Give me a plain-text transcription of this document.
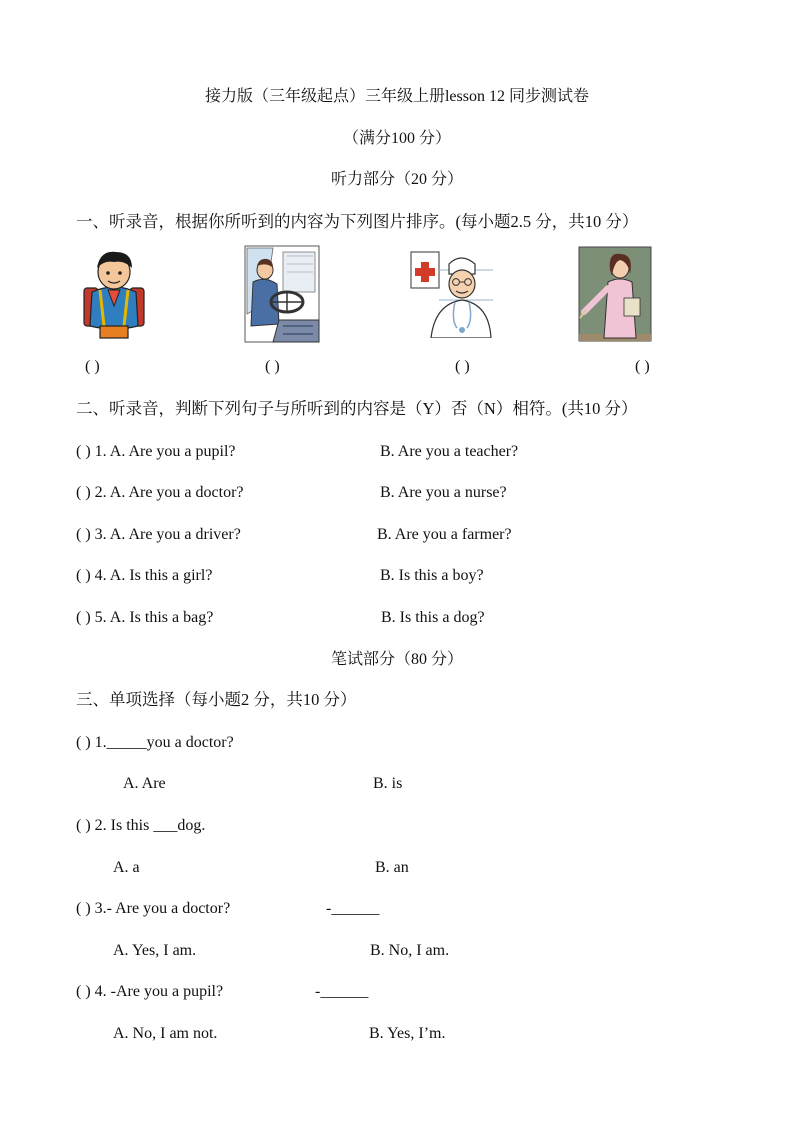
接力版（三年级起点）三年级上册lesson 12 同步测试卷
（满分100 分）
听力部分（20 分）
一、听录音，根据你所听到的内容为下列图片排序。(每小题2.5 分，共10 分）
( )	( )	( )	( )
二、听录音，判断下列句子与所听到的内容是（Y）否（N）相符。(共10 分）
( ) 1. A. Are you a pupil?	B. Are you a teacher?
( ) 2. A. Are you a doctor?	B. Are you a nurse?
( ) 3. A. Are you a driver?	B. Are you a farmer?
( ) 4. A. Is this a girl?	B. Is this a boy?
( ) 5. A. Is this a bag?	B. Is this a dog?
笔试部分（80 分）
三、单项选择（每小题2 分，共10 分）
( ) 1._____you a doctor?
A. Are	B. is
( ) 2. Is this ___dog.
A. a	B. an
( ) 3.- Are you a doctor?	-______
A. Yes, I am.	B. No, I am.
( ) 4. -Are you a pupil?	-______
A. No, I am not.	B. Yes, I’m.
